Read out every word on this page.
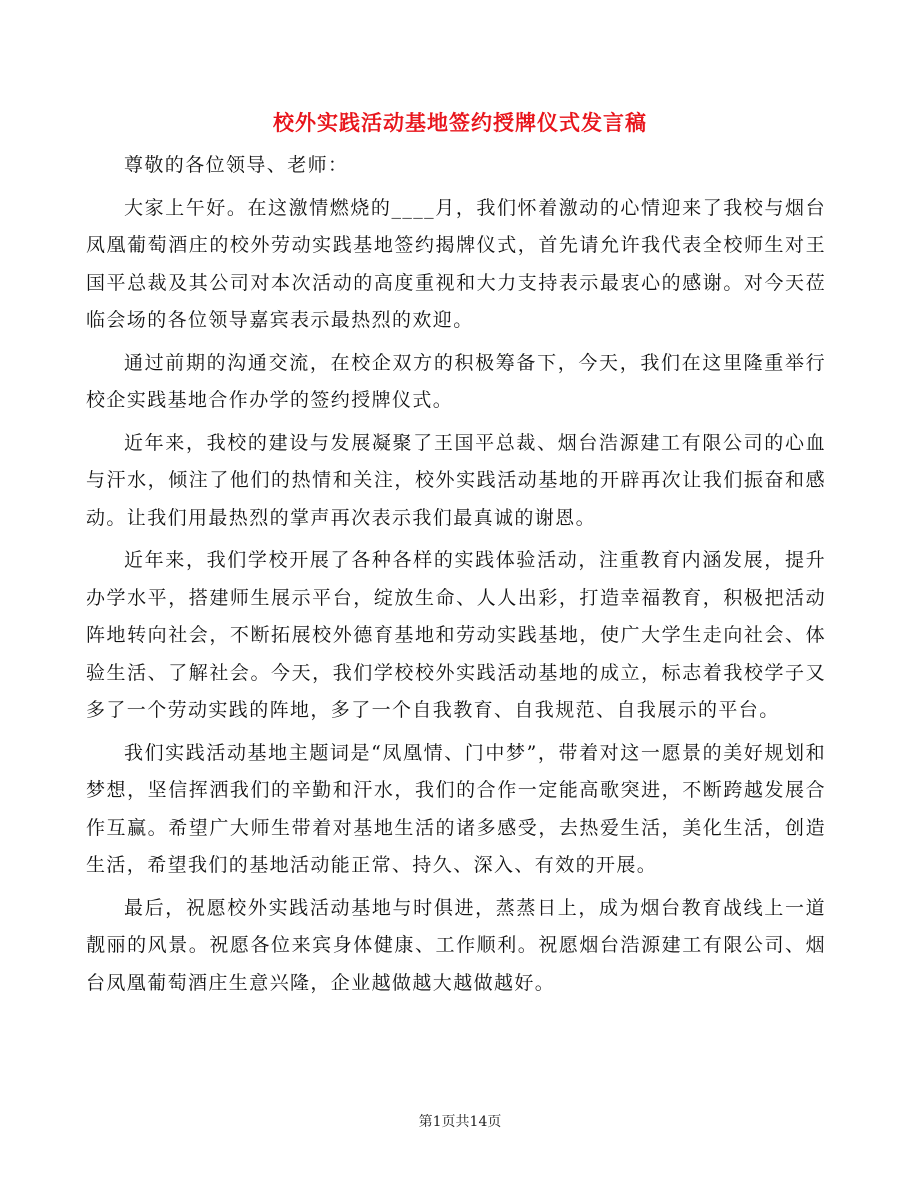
校外实践活动基地签约授牌仪式发言稿

尊敬的各位领导、老师：

大家上午好。在这激情燃烧的____月，我们怀着激动的心情迎来了我校与烟台凤凰葡萄酒庄的校外劳动实践基地签约揭牌仪式，首先请允许我代表全校师生对王国平总裁及其公司对本次活动的高度重视和大力支持表示最衷心的感谢。对今天莅临会场的各位领导嘉宾表示最热烈的欢迎。

通过前期的沟通交流，在校企双方的积极筹备下，今天，我们在这里隆重举行校企实践基地合作办学的签约授牌仪式。

近年来，我校的建设与发展凝聚了王国平总裁、烟台浩源建工有限公司的心血与汗水，倾注了他们的热情和关注，校外实践活动基地的开辟再次让我们振奋和感动。让我们用最热烈的掌声再次表示我们最真诚的谢恩。

近年来，我们学校开展了各种各样的实践体验活动，注重教育内涵发展，提升办学水平，搭建师生展示平台，绽放生命、人人出彩，打造幸福教育，积极把活动阵地转向社会，不断拓展校外德育基地和劳动实践基地，使广大学生走向社会、体验生活、了解社会。今天，我们学校校外实践活动基地的成立，标志着我校学子又多了一个劳动实践的阵地，多了一个自我教育、自我规范、自我展示的平台。

我们实践活动基地主题词是“凤凰情、门中梦”，带着对这一愿景的美好规划和梦想，坚信挥洒我们的辛勤和汗水，我们的合作一定能高歌突进，不断跨越发展合作互赢。希望广大师生带着对基地生活的诸多感受，去热爱生活，美化生活，创造生活，希望我们的基地活动能正常、持久、深入、有效的开展。

最后，祝愿校外实践活动基地与时俱进，蒸蒸日上，成为烟台教育战线上一道靓丽的风景。祝愿各位来宾身体健康、工作顺利。祝愿烟台浩源建工有限公司、烟台凤凰葡萄酒庄生意兴隆，企业越做越大越做越好。

第1页共14页
